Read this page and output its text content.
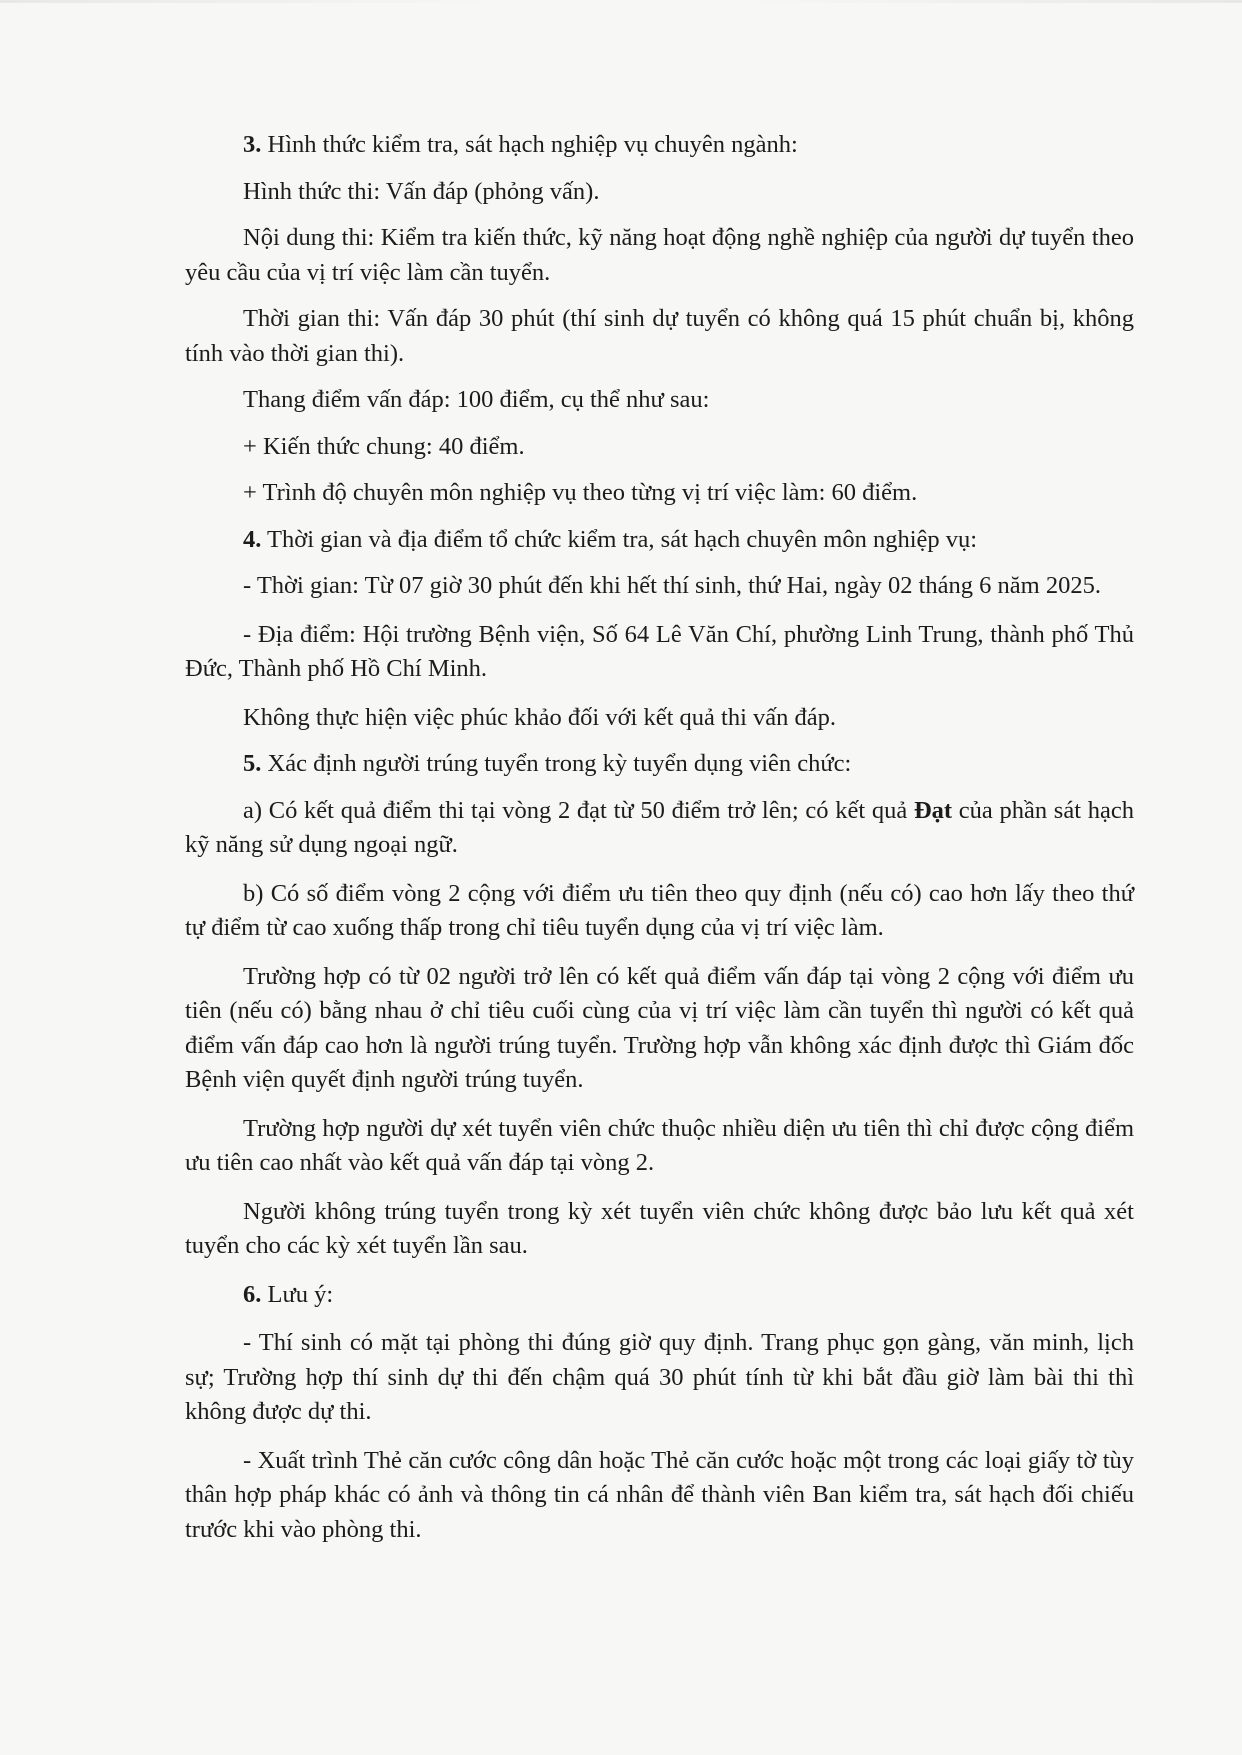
3. Hình thức kiểm tra, sát hạch nghiệp vụ chuyên ngành:

Hình thức thi: Vấn đáp (phỏng vấn).

Nội dung thi: Kiểm tra kiến thức, kỹ năng hoạt động nghề nghiệp của người dự tuyển theo yêu cầu của vị trí việc làm cần tuyển.

Thời gian thi: Vấn đáp 30 phút (thí sinh dự tuyển có không quá 15 phút chuẩn bị, không tính vào thời gian thi).

Thang điểm vấn đáp: 100 điểm, cụ thể như sau:

+ Kiến thức chung: 40 điểm.

+ Trình độ chuyên môn nghiệp vụ theo từng vị trí việc làm: 60 điểm.

4. Thời gian và địa điểm tổ chức kiểm tra, sát hạch chuyên môn nghiệp vụ:

- Thời gian: Từ 07 giờ 30 phút đến khi hết thí sinh, thứ Hai, ngày 02 tháng 6 năm 2025.

- Địa điểm: Hội trường Bệnh viện, Số 64 Lê Văn Chí, phường Linh Trung, thành phố Thủ Đức, Thành phố Hồ Chí Minh.

Không thực hiện việc phúc khảo đối với kết quả thi vấn đáp.

5. Xác định người trúng tuyển trong kỳ tuyển dụng viên chức:

a) Có kết quả điểm thi tại vòng 2 đạt từ 50 điểm trở lên; có kết quả Đạt của phần sát hạch kỹ năng sử dụng ngoại ngữ.

b) Có số điểm vòng 2 cộng với điểm ưu tiên theo quy định (nếu có) cao hơn lấy theo thứ tự điểm từ cao xuống thấp trong chỉ tiêu tuyển dụng của vị trí việc làm.

Trường hợp có từ 02 người trở lên có kết quả điểm vấn đáp tại vòng 2 cộng với điểm ưu tiên (nếu có) bằng nhau ở chỉ tiêu cuối cùng của vị trí việc làm cần tuyển thì người có kết quả điểm vấn đáp cao hơn là người trúng tuyển. Trường hợp vẫn không xác định được thì Giám đốc Bệnh viện quyết định người trúng tuyển.

Trường hợp người dự xét tuyển viên chức thuộc nhiều diện ưu tiên thì chỉ được cộng điểm ưu tiên cao nhất vào kết quả vấn đáp tại vòng 2.

Người không trúng tuyển trong kỳ xét tuyển viên chức không được bảo lưu kết quả xét tuyển cho các kỳ xét tuyển lần sau.

6. Lưu ý:

- Thí sinh có mặt tại phòng thi đúng giờ quy định. Trang phục gọn gàng, văn minh, lịch sự; Trường hợp thí sinh dự thi đến chậm quá 30 phút tính từ khi bắt đầu giờ làm bài thi thì không được dự thi.

- Xuất trình Thẻ căn cước công dân hoặc Thẻ căn cước hoặc một trong các loại giấy tờ tùy thân hợp pháp khác có ảnh và thông tin cá nhân để thành viên Ban kiểm tra, sát hạch đối chiếu trước khi vào phòng thi.
